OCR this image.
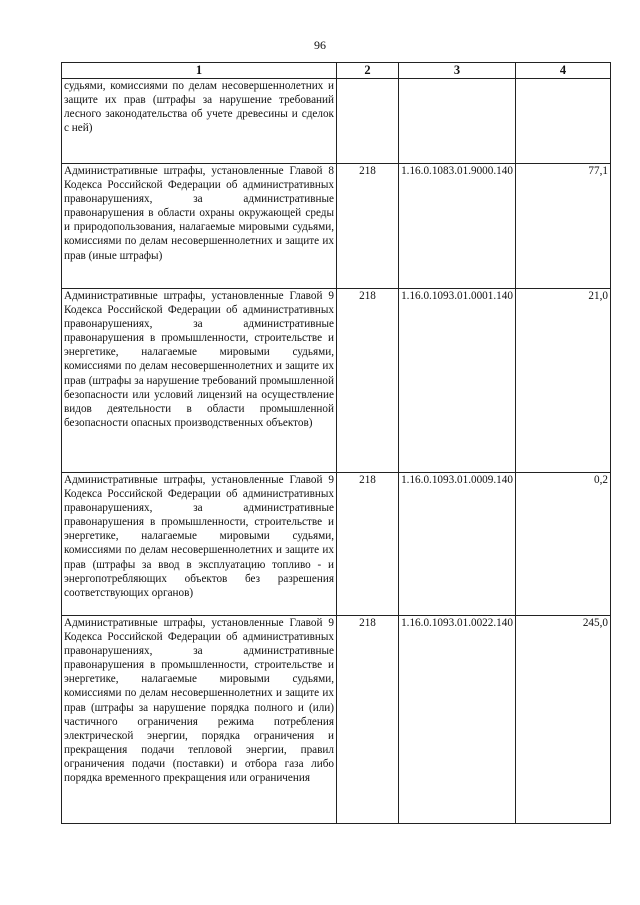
96
1	2	3	4
судьями, комиссиями по делам несовершеннолетних и защите их прав (штрафы за нарушение требований лесного законодательства об учете древесины и сделок с ней)			
Административные штрафы, установленные Главой 8 Кодекса Российской Федерации об административных правонарушениях, за административные правонарушения в области охраны окружающей среды и природопользования, налагаемые мировыми судьями, комиссиями по делам несовершеннолетних и защите их прав (иные штрафы)	218	1.16.0.1083.01.9000.140	77,1
Административные штрафы, установленные Главой 9 Кодекса Российской Федерации об административных правонарушениях, за административные правонарушения в промышленности, строительстве и энергетике, налагаемые мировыми судьями, комиссиями по делам несовершеннолетних и защите их прав (штрафы за нарушение требований промышленной безопасности или условий лицензий на осуществление видов деятельности в области промышленной безопасности опасных производственных объектов)	218	1.16.0.1093.01.0001.140	21,0
Административные штрафы, установленные Главой 9 Кодекса Российской Федерации об административных правонарушениях, за административные правонарушения в промышленности, строительстве и энергетике, налагаемые мировыми судьями, комиссиями по делам несовершеннолетних и защите их прав (штрафы за ввод в эксплуатацию топливо - и энергопотребляющих объектов без разрешения соответствующих органов)	218	1.16.0.1093.01.0009.140	0,2
Административные штрафы, установленные Главой 9 Кодекса Российской Федерации об административных правонарушениях, за административные правонарушения в промышленности, строительстве и энергетике, налагаемые мировыми судьями, комиссиями по делам несовершеннолетних и защите их прав (штрафы за нарушение порядка полного и (или) частичного ограничения режима потребления электрической энергии, порядка ограничения и прекращения подачи тепловой энергии, правил ограничения подачи (поставки) и отбора газа либо порядка временного прекращения или ограничения	218	1.16.0.1093.01.0022.140	245,0
